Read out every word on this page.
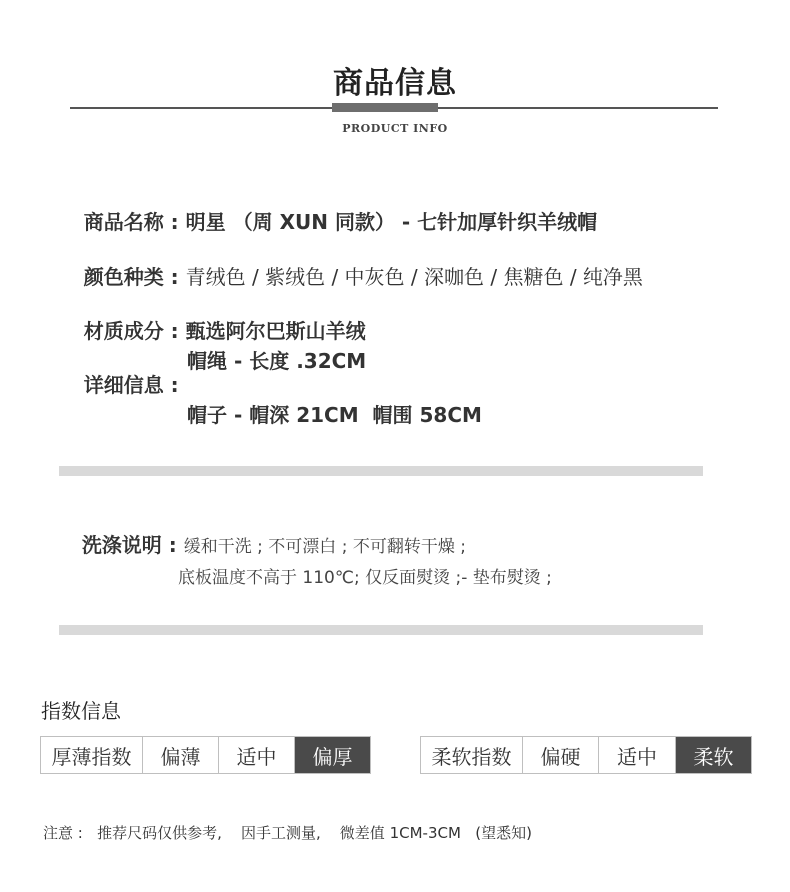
商品信息
PRODUCT INFO

商品名称 : 明星 （周 XUN 同款） - 七针加厚针织羊绒帽

颜色种类 : 青绒色 / 紫绒色 / 中灰色 / 深咖色 / 焦糖色 / 纯净黑

材质成分 : 甄选阿尔巴斯山羊绒

详细信息 :

帽绳 - 长度 .32CM
帽子 - 帽深 21CM  帽围 58CM

洗涤说明 : 缓和干洗 ; 不可漂白 ; 不可翻转干燥 ;

底板温度不高于 110℃; 仅反面熨烫 ;- 垫布熨烫 ;
指数信息
厚薄指数	偏薄	适中	偏厚	柔软指数	偏硬	适中	柔软
注意 :   推荐尺码仅供参考,    因手工测量,    微差值 1CM-3CM   (望悉知)
